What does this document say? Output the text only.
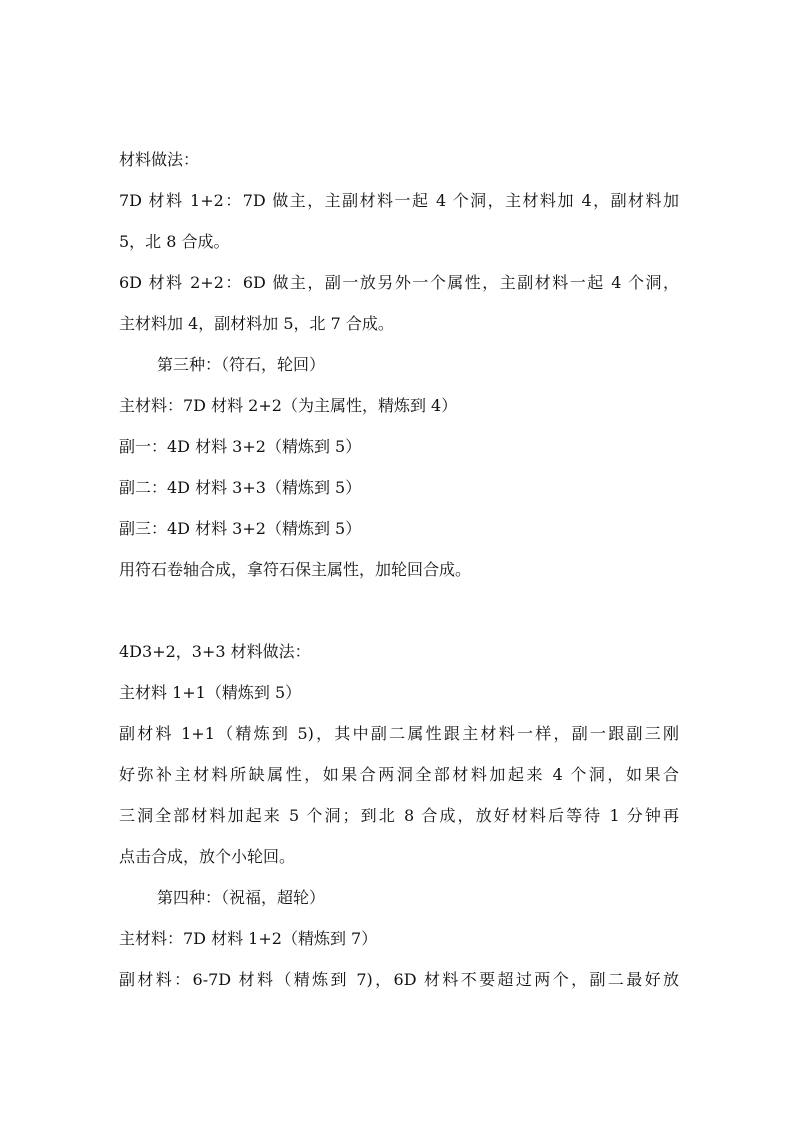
材料做法：
7D 材料 1+2：7D 做主，主副材料一起 4 个洞，主材料加 4，副材料加
5，北 8 合成。
6D 材料 2+2：6D 做主，副一放另外一个属性，主副材料一起 4 个洞，
主材料加 4，副材料加 5，北 7 合成。
第三种：（符石，轮回）
主材料：7D 材料 2+2（为主属性，精炼到 4）
副一：4D 材料 3+2（精炼到 5）
副二：4D 材料 3+3（精炼到 5）
副三：4D 材料 3+2（精炼到 5）
用符石卷轴合成，拿符石保主属性，加轮回合成。
4D3+2，3+3 材料做法：
主材料 1+1（精炼到 5）
副材料 1+1（精炼到 5)，其中副二属性跟主材料一样，副一跟副三刚
好弥补主材料所缺属性，如果合两洞全部材料加起来 4 个洞，如果合
三洞全部材料加起来 5 个洞；到北 8 合成，放好材料后等待 1 分钟再
点击合成，放个小轮回。
第四种：（祝福，超轮）
主材料：7D 材料 1+2（精炼到 7）
副材料：6-7D 材料（精炼到 7)，6D 材料不要超过两个，副二最好放
